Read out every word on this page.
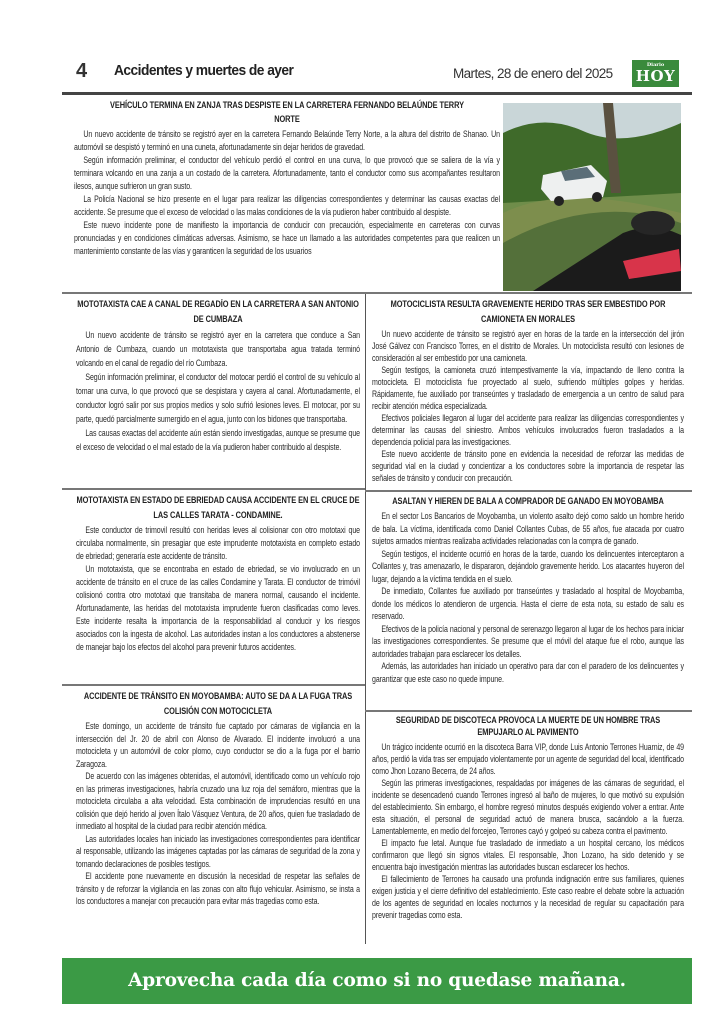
4 Accidentes y muertes de ayer	Martes, 28 de enero del 2025
Diario
HOY
VEHÍCULO TERMINA EN ZANJA TRAS DESPISTE EN LA CARRETERA FERNANDO BELAÚNDE TERRY NORTE

Un nuevo accidente de tránsito se registró ayer en la carretera Fernando Belaúnde Terry Norte, a la altura del distrito de Shanao. Un automóvil se despistó y terminó en una cuneta, afortunadamente sin dejar heridos de gravedad.

Según información preliminar, el conductor del vehículo perdió el control en una curva, lo que provocó que se saliera de la vía y terminara volcando en una zanja a un costado de la carretera. Afortunadamente, tanto el conductor como sus acompañantes resultaron ilesos, aunque sufrieron un gran susto.

La Policía Nacional se hizo presente en el lugar para realizar las diligencias correspondientes y determinar las causas exactas del accidente. Se presume que el exceso de velocidad o las malas condiciones de la vía pudieron haber contribuido al despiste.

Este nuevo incidente pone de manifiesto la importancia de conducir con precaución, especialmente en carreteras con curvas pronunciadas y en condiciones climáticas adversas. Asimismo, se hace un llamado a las autoridades competentes para que realicen un mantenimiento constante de las vías y garanticen la seguridad de los usuarios

MOTOTAXISTA CAE A CANAL DE REGADÍO EN LA CARRETERA A SAN ANTONIO DE CUMBAZA

Un nuevo accidente de tránsito se registró ayer en la carretera que conduce a San Antonio de Cumbaza, cuando un mototaxista que transportaba agua tratada terminó volcando en el canal de regadío del río Cumbaza.

Según información preliminar, el conductor del motocar perdió el control de su vehículo al tomar una curva, lo que provocó que se despistara y cayera al canal. Afortunadamente, el conductor logró salir por sus propios medios y solo sufrió lesiones leves. El motocar, por su parte, quedó parcialmente sumergido en el agua, junto con los bidones que transportaba.

Las causas exactas del accidente aún están siendo investigadas, aunque se presume que el exceso de velocidad o el mal estado de la vía pudieron haber contribuido al despiste.

MOTOTAXISTA EN ESTADO DE EBRIEDAD CAUSA ACCIDENTE EN EL CRUCE DE LAS CALLES TARATA - CONDAMINE.

Este conductor de trimovil resultó con heridas leves al colisionar con otro mototaxi que circulaba normalmente, sin presagiar que este imprudente mototaxista en completo estado de ebriedad; generaría este accidente de tránsito.

Un mototaxista, que se encontraba en estado de ebriedad, se vio involucrado en un accidente de tránsito en el cruce de las calles Condamine y Tarata. El conductor de trimóvil colisionó contra otro mototaxi que transitaba de manera normal, causando el incidente. Afortunadamente, las heridas del mototaxista imprudente fueron clasificadas como leves. Este incidente resalta la importancia de la responsabilidad al conducir y los riesgos asociados con la ingesta de alcohol. Las autoridades instan a los conductores a abstenerse de manejar bajo los efectos del alcohol para prevenir futuros accidentes.

ACCIDENTE DE TRÁNSITO EN MOYOBAMBA: AUTO SE DA A LA FUGA TRAS COLISIÓN CON MOTOCICLETA

Este domingo, un accidente de tránsito fue captado por cámaras de vigilancia en la intersección del Jr. 20 de abril con Alonso de Alvarado. El incidente involucró a una motocicleta y un automóvil de color plomo, cuyo conductor se dio a la fuga por el barrio Zaragoza.

De acuerdo con las imágenes obtenidas, el automóvil, identificado como un vehículo rojo en las primeras investigaciones, habría cruzado una luz roja del semáforo, mientras que la motocicleta circulaba a alta velocidad. Esta combinación de imprudencias resultó en una colisión que dejó herido al joven Ítalo Vásquez Ventura, de 20 años, quien fue trasladado de inmediato al hospital de la ciudad para recibir atención médica.

Las autoridades locales han iniciado las investigaciones correspondientes para identificar al responsable, utilizando las imágenes captadas por las cámaras de seguridad de la zona y tomando declaraciones de posibles testigos.

El accidente pone nuevamente en discusión la necesidad de respetar las señales de tránsito y de reforzar la vigilancia en las zonas con alto flujo vehicular. Asimismo, se insta a los conductores a manejar con precaución para evitar más tragedias como esta.

MOTOCICLISTA RESULTA GRAVEMENTE HERIDO TRAS SER EMBESTIDO POR CAMIONETA EN MORALES

Un nuevo accidente de tránsito se registró ayer en horas de la tarde en la intersección del jirón José Gálvez con Francisco Torres, en el distrito de Morales. Un motociclista resultó con lesiones de consideración al ser embestido por una camioneta.

Según testigos, la camioneta cruzó intempestivamente la vía, impactando de lleno contra la motocicleta. El motociclista fue proyectado al suelo, sufriendo múltiples golpes y heridas. Rápidamente, fue auxiliado por transeúntes y trasladado de emergencia a un centro de salud para recibir atención médica especializada.

Efectivos policiales llegaron al lugar del accidente para realizar las diligencias correspondientes y determinar las causas del siniestro. Ambos vehículos involucrados fueron trasladados a la dependencia policial para las investigaciones.

Este nuevo accidente de tránsito pone en evidencia la necesidad de reforzar las medidas de seguridad vial en la ciudad y concientizar a los conductores sobre la importancia de respetar las señales de tránsito y conducir con precaución.

ASALTAN Y HIEREN DE BALA A COMPRADOR DE GANADO EN MOYOBAMBA

En el sector Los Bancarios de Moyobamba, un violento asalto dejó como saldo un hombre herido de bala. La víctima, identificada como Daniel Collantes Cubas, de 55 años, fue atacada por cuatro sujetos armados mientras realizaba actividades relacionadas con la compra de ganado.

Según testigos, el incidente ocurrió en horas de la tarde, cuando los delincuentes interceptaron a Collantes y, tras amenazarlo, le dispararon, dejándolo gravemente herido. Los atacantes huyeron del lugar, dejando a la víctima tendida en el suelo.

De inmediato, Collantes fue auxiliado por transeúntes y trasladado al hospital de Moyobamba, donde los médicos lo atendieron de urgencia. Hasta el cierre de esta nota, su estado de salu es reservado.

Efectivos de la policía nacional y personal de serenazgo llegaron al lugar de los hechos para iniciar las investigaciones correspondientes. Se presume que el móvil del ataque fue el robo, aunque las autoridades trabajan para esclarecer los detalles.

Además, las autoridades han iniciado un operativo para dar con el paradero de los delincuentes y garantizar que este caso no quede impune.

SEGURIDAD DE DISCOTECA PROVOCA LA MUERTE DE UN HOMBRE TRAS EMPUJARLO AL PAVIMENTO

Un trágico incidente ocurrió en la discoteca Barra VIP, donde Luis Antonio Terrones Huarniz, de 49 años, perdió la vida tras ser empujado violentamente por un agente de seguridad del local, identificado como Jhon Lozano Becerra, de 24 años.

Según las primeras investigaciones, respaldadas por imágenes de las cámaras de seguridad, el incidente se desencadenó cuando Terrones ingresó al baño de mujeres, lo que motivó su expulsión del establecimiento. Sin embargo, el hombre regresó minutos después exigiendo volver a entrar. Ante esta situación, el personal de seguridad actuó de manera brusca, sacándolo a la fuerza. Lamentablemente, en medio del forcejeo, Terrones cayó y golpeó su cabeza contra el pavimento.

El impacto fue letal. Aunque fue trasladado de inmediato a un hospital cercano, los médicos confirmaron que llegó sin signos vitales. El responsable, Jhon Lozano, ha sido detenido y se encuentra bajo investigación mientras las autoridades buscan esclarecer los hechos.

El fallecimiento de Terrones ha causado una profunda indignación entre sus familiares, quienes exigen justicia y el cierre definitivo del establecimiento. Este caso reabre el debate sobre la actuación de los agentes de seguridad en locales nocturnos y la necesidad de regular su capacitación para prevenir tragedias como esta.

Aprovecha cada día como si no quedase mañana.
